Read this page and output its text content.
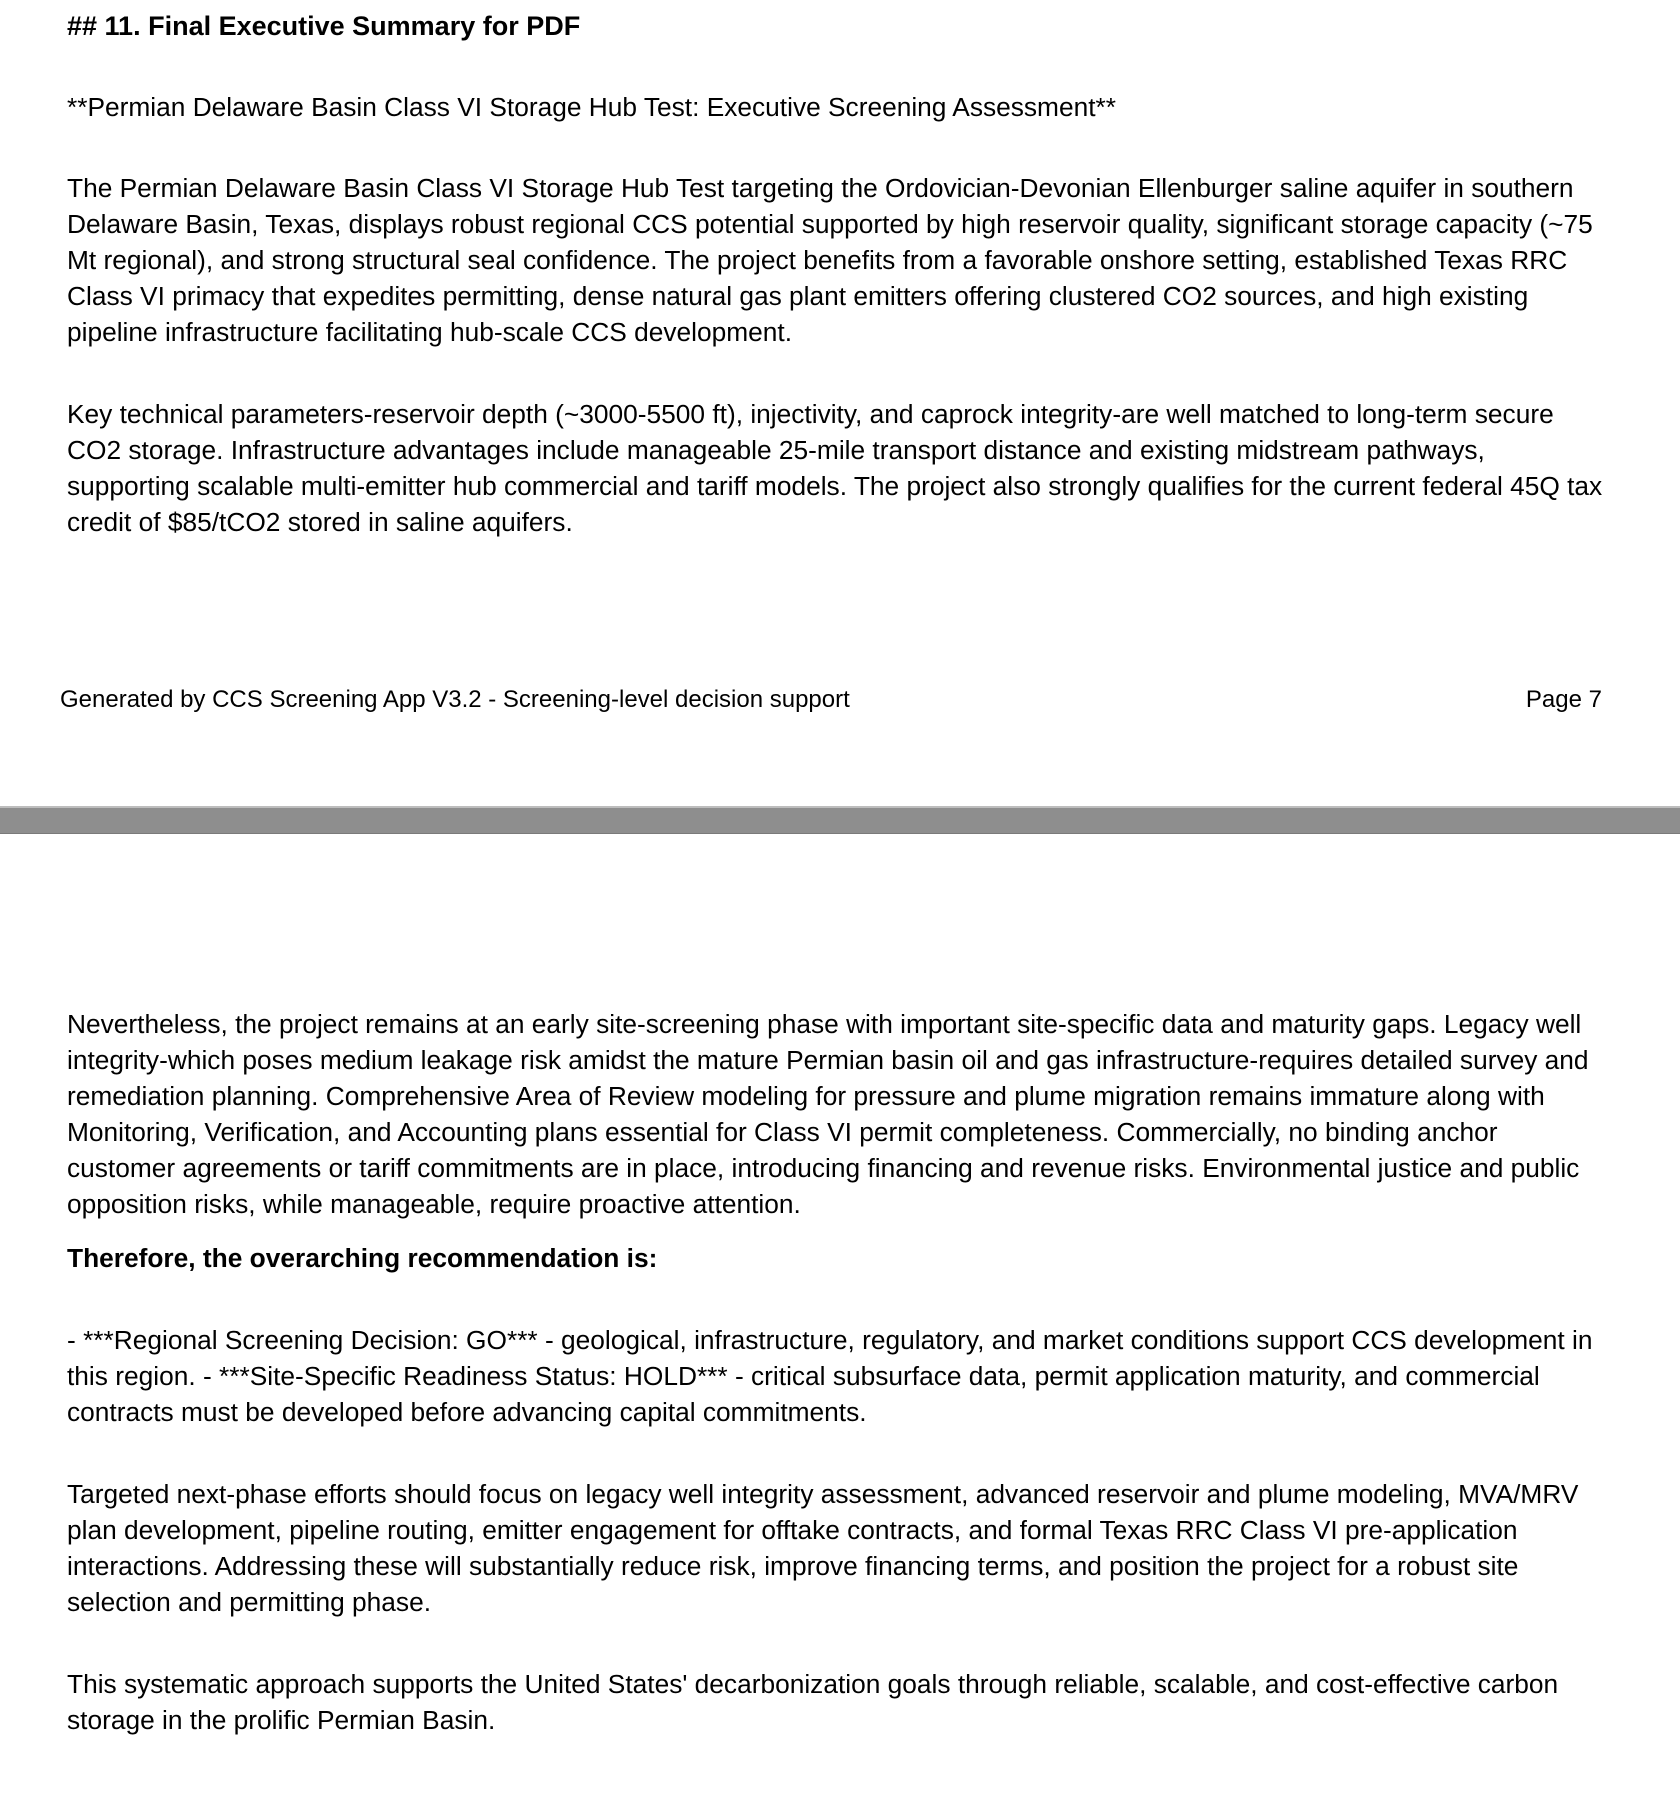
## 11. Final Executive Summary for PDF
**Permian Delaware Basin Class VI Storage Hub Test: Executive Screening Assessment**
The Permian Delaware Basin Class VI Storage Hub Test targeting the Ordovician-Devonian Ellenburger saline aquifer in southern Delaware Basin, Texas, displays robust regional CCS potential supported by high reservoir quality, significant storage capacity (~75 Mt regional), and strong structural seal confidence. The project benefits from a favorable onshore setting, established Texas RRC Class VI primacy that expedites permitting, dense natural gas plant emitters offering clustered CO2 sources, and high existing pipeline infrastructure facilitating hub-scale CCS development.
Key technical parameters-reservoir depth (~3000-5500 ft), injectivity, and caprock integrity-are well matched to long-term secure CO2 storage. Infrastructure advantages include manageable 25-mile transport distance and existing midstream pathways, supporting scalable multi-emitter hub commercial and tariff models. The project also strongly qualifies for the current federal 45Q tax credit of $85/tCO2 stored in saline aquifers.
Generated by CCS Screening App V3.2 - Screening-level decision support	Page 7
Nevertheless, the project remains at an early site-screening phase with important site-specific data and maturity gaps. Legacy well integrity-which poses medium leakage risk amidst the mature Permian basin oil and gas infrastructure-requires detailed survey and remediation planning. Comprehensive Area of Review modeling for pressure and plume migration remains immature along with Monitoring, Verification, and Accounting plans essential for Class VI permit completeness. Commercially, no binding anchor customer agreements or tariff commitments are in place, introducing financing and revenue risks. Environmental justice and public opposition risks, while manageable, require proactive attention.
Therefore, the overarching recommendation is:
- ***Regional Screening Decision: GO*** - geological, infrastructure, regulatory, and market conditions support CCS development in this region. - ***Site-Specific Readiness Status: HOLD*** - critical subsurface data, permit application maturity, and commercial contracts must be developed before advancing capital commitments.
Targeted next-phase efforts should focus on legacy well integrity assessment, advanced reservoir and plume modeling, MVA/MRV plan development, pipeline routing, emitter engagement for offtake contracts, and formal Texas RRC Class VI pre-application interactions. Addressing these will substantially reduce risk, improve financing terms, and position the project for a robust site selection and permitting phase.
This systematic approach supports the United States' decarbonization goals through reliable, scalable, and cost-effective carbon storage in the prolific Permian Basin.
